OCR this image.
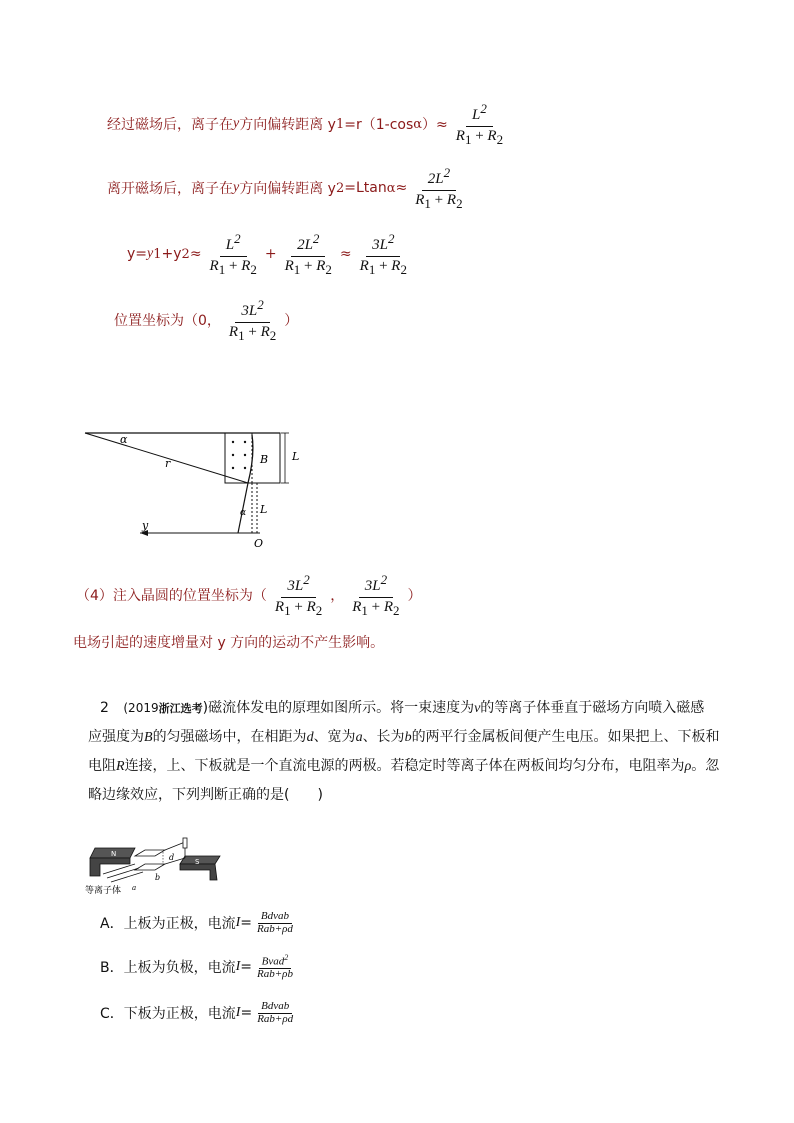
经过磁场后，离子在 y 方向偏转距离 y 1 =r（1-cos α ）≈ $\frac{L^2}{R_1 + R_2}$
离开磁场后，离子在 y 方向偏转距离 y 2 =Ltan $\alpha \approx \frac{2L^2}{R_1 + R_2}$
y= y 1 +y $2 \approx \frac{L^2}{R_1 + R_2} + \frac{2L^2}{R_1 + R_2} \approx \frac{3L^2}{R_1 + R_2}$
位置坐标为（0， $\frac{3L^2}{R_1 + R_2}$ ）
α
r	B L
L
α
y
O
（4）注入晶圆的位置坐标为（ $\frac{3L^2}{R_1 + R_2}$ ， $\frac{3L^2}{R_1 + R_2}$ ）
电场引起的速度增量对 y 方向的运动不产生影响。
2 (2019浙江选考)磁流体发电的原理如图所示。将一束速度为v的等离子体垂直于磁场方向喷入磁感
应强度为B的匀强磁场中，在相距为d、宽为a、长为b的两平行金属板间便产生电压。如果把上、下板和
电阻R连接，上、下板就是一个直流电源的两极。若稳定时等离子体在两板间均匀分布，电阻率为ρ。忽
略边缘效应，下列判断正确的是(　　)
N
S
d
b
a
等离子体
A．上板为正极，电流 $I = \frac{\text{Bdvab}}{\text{Rab+ρd}}$
B．上板为负极，电流 $I = \frac{Bvad^2}{\text{Rab+ρb}}$
C．下板为正极，电流 $I = \frac{\text{Bdvab}}{\text{Rab+ρd}}$
